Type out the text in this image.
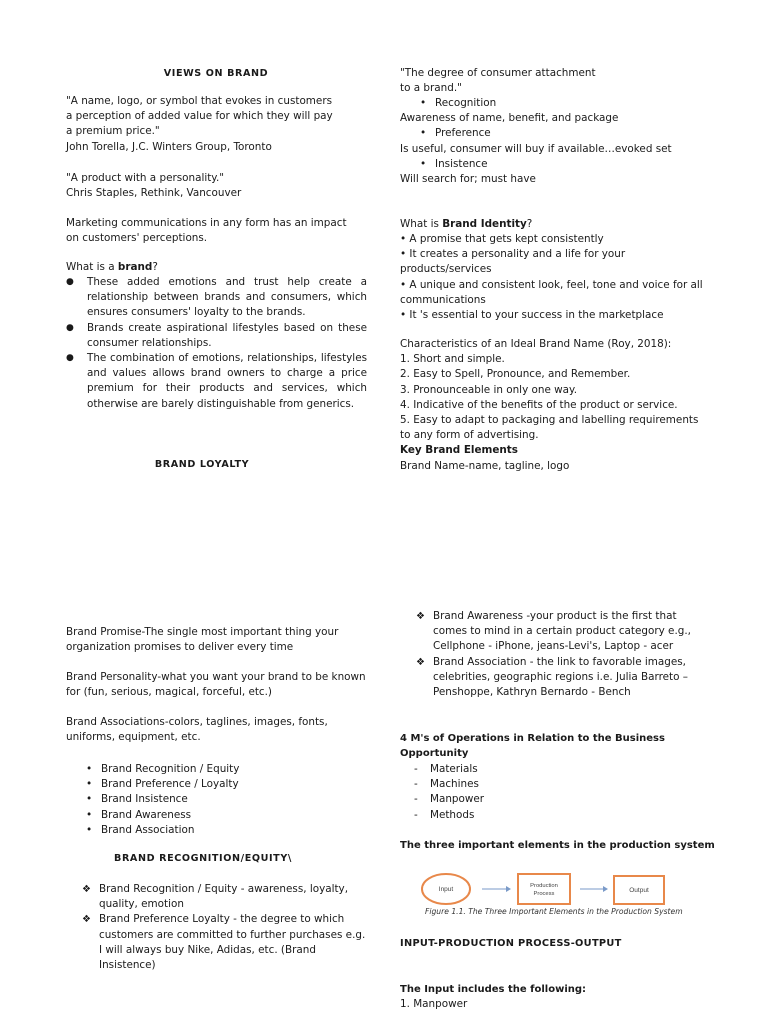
VIEWS ON BRAND

"A name, logo, or symbol that evokes in customers a perception of added value for which they will pay a premium price."

John Torella, J.C. Winters Group, Toronto

"A product with a personality."

Chris Staples, Rethink, Vancouver

Marketing communications in any form has an impact on customers' perceptions.
What is a brand?
● These added emotions and trust help create a relationship between brands and consumers, which ensures consumers' loyalty to the brands.
● Brands create aspirational lifestyles based on these consumer relationships.
● The combination of emotions, relationships, lifestyles and values allows brand owners to charge a price premium for their products and services, which otherwise are barely distinguishable from generics.
BRAND LOYALTY

"The degree of consumer attachment to a brand."

• Recognition
Awareness of name, benefit, and package
• Preference
Is useful, consumer will buy if available…evoked set
• Insistence
Will search for; must have
What is Brand Identity?

• A promise that gets kept consistently

• It creates a personality and a life for your products/services

• A unique and consistent look, feel, tone and voice for all communications

• It 's essential to your success in the marketplace

Characteristics of an Ideal Brand Name (Roy, 2018):

1. Short and simple.

2. Easy to Spell, Pronounce, and Remember.

3. Pronounceable in only one way.

4. Indicative of the benefits of the product or service.

5. Easy to adapt to packaging and labelling requirements to any form of advertising.

Key Brand Elements

Brand Name-name, tagline, logo

Brand Promise-The single most important thing your organization promises to deliver every time
Brand Personality-what you want your brand to be known for (fun, serious, magical, forceful, etc.)
Brand Associations-colors, taglines, images, fonts, uniforms, equipment, etc.
• Brand Recognition / Equity
• Brand Preference / Loyalty
• Brand Insistence
• Brand Awareness
• Brand Association
BRAND RECOGNITION/EQUITY\
❖ Brand Recognition / Equity - awareness, loyalty, quality, emotion
❖ Brand Preference Loyalty - the degree to which customers are committed to further purchases e.g. I will always buy Nike, Adidas, etc. (Brand Insistence)
❖ Brand Awareness -your product is the first that comes to mind in a certain product category e.g., Cellphone - iPhone, jeans-Levi's, Laptop - acer
❖ Brand Association - the link to favorable images, celebrities, geographic regions i.e. Julia Barreto – Penshoppe, Kathryn Bernardo - Bench
4 M's of Operations in Relation to the Business Opportunity
- Materials
- Machines
- Manpower
- Methods
The three important elements in the production system
Input	Production
Process	Output
Figure 1.1. The Three Important Elements in the Production System
INPUT-PRODUCTION PROCESS-OUTPUT
The Input includes the following:
1. Manpower
